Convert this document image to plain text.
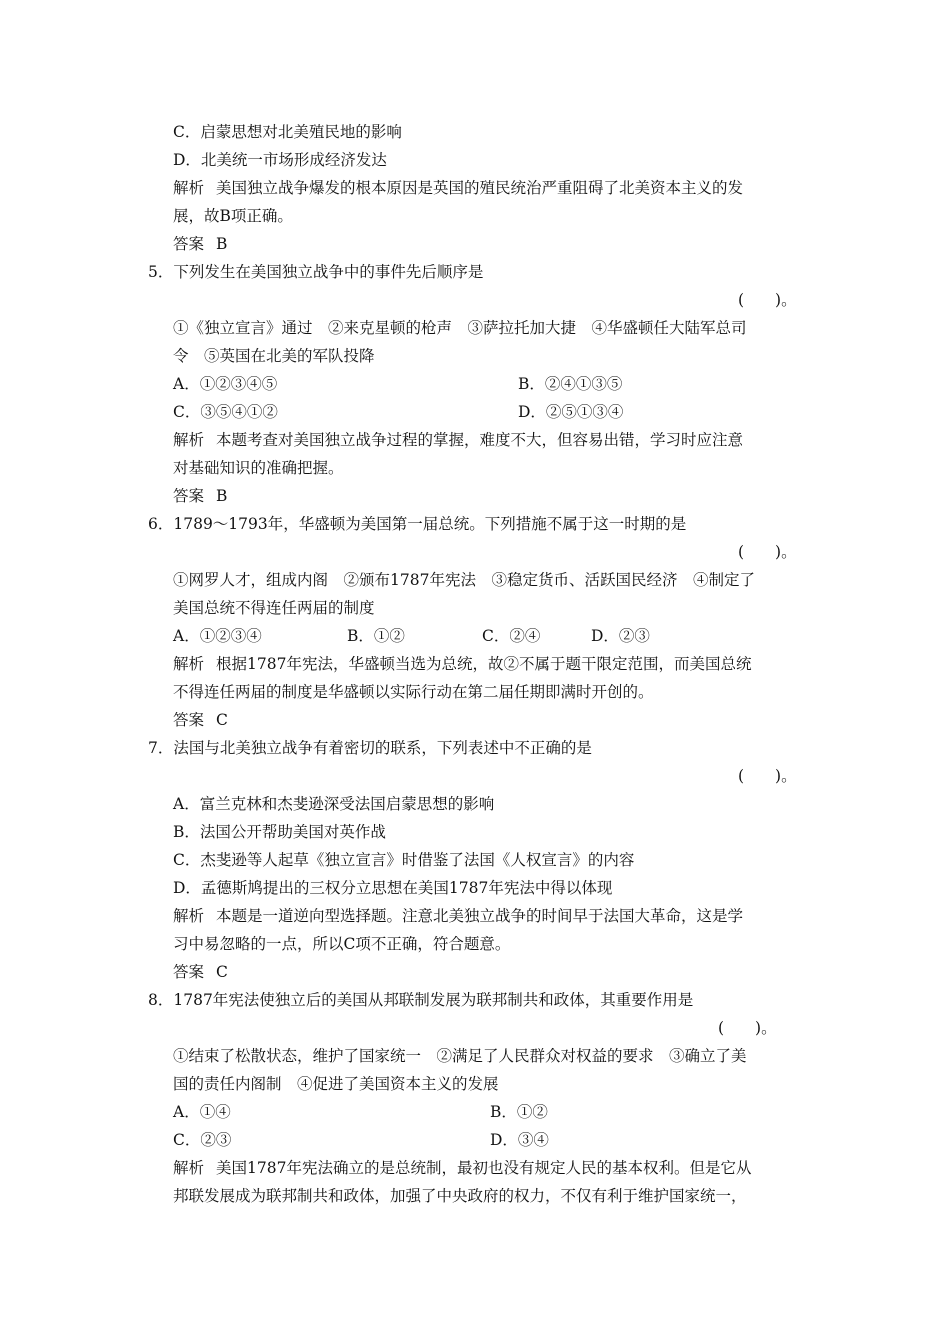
C．启蒙思想对北美殖民地的影响
D．北美统一市场形成经济发达
解析 美国独立战争爆发的根本原因是英国的殖民统治严重阻碍了北美资本主义的发
展，故B项正确。
答案 B
5．下列发生在美国独立战争中的事件先后顺序是
(　　)。
①《独立宣言》通过　②来克星顿的枪声　③萨拉托加大捷　④华盛顿任大陆军总司
令　⑤英国在北美的军队投降
A．①②③④⑤	B．②④①③⑤
C．③⑤④①②	D．②⑤①③④
解析 本题考查对美国独立战争过程的掌握，难度不大，但容易出错，学习时应注意
对基础知识的准确把握。
答案 B
6．1789～1793年，华盛顿为美国第一届总统。下列措施不属于这一时期的是
(　　)。
①网罗人才，组成内阁　②颁布1787年宪法　③稳定货币、活跃国民经济　④制定了
美国总统不得连任两届的制度
A．①②③④	B．①②	C．②④	D．②③
解析 根据1787年宪法，华盛顿当选为总统，故②不属于题干限定范围，而美国总统
不得连任两届的制度是华盛顿以实际行动在第二届任期即满时开创的。
答案 C
7．法国与北美独立战争有着密切的联系，下列表述中不正确的是
(　　)。
A．富兰克林和杰斐逊深受法国启蒙思想的影响
B．法国公开帮助美国对英作战
C．杰斐逊等人起草《独立宣言》时借鉴了法国《人权宣言》的内容
D．孟德斯鸠提出的三权分立思想在美国1787年宪法中得以体现
解析 本题是一道逆向型选择题。注意北美独立战争的时间早于法国大革命，这是学
习中易忽略的一点，所以C项不正确，符合题意。
答案 C
8．1787年宪法使独立后的美国从邦联制发展为联邦制共和政体，其重要作用是
(　　)。
①结束了松散状态，维护了国家统一　②满足了人民群众对权益的要求　③确立了美
国的责任内阁制　④促进了美国资本主义的发展
A．①④	B．①②
C．②③	D．③④
解析 美国1787年宪法确立的是总统制，最初也没有规定人民的基本权利。但是它从
邦联发展成为联邦制共和政体，加强了中央政府的权力，不仅有利于维护国家统一，
